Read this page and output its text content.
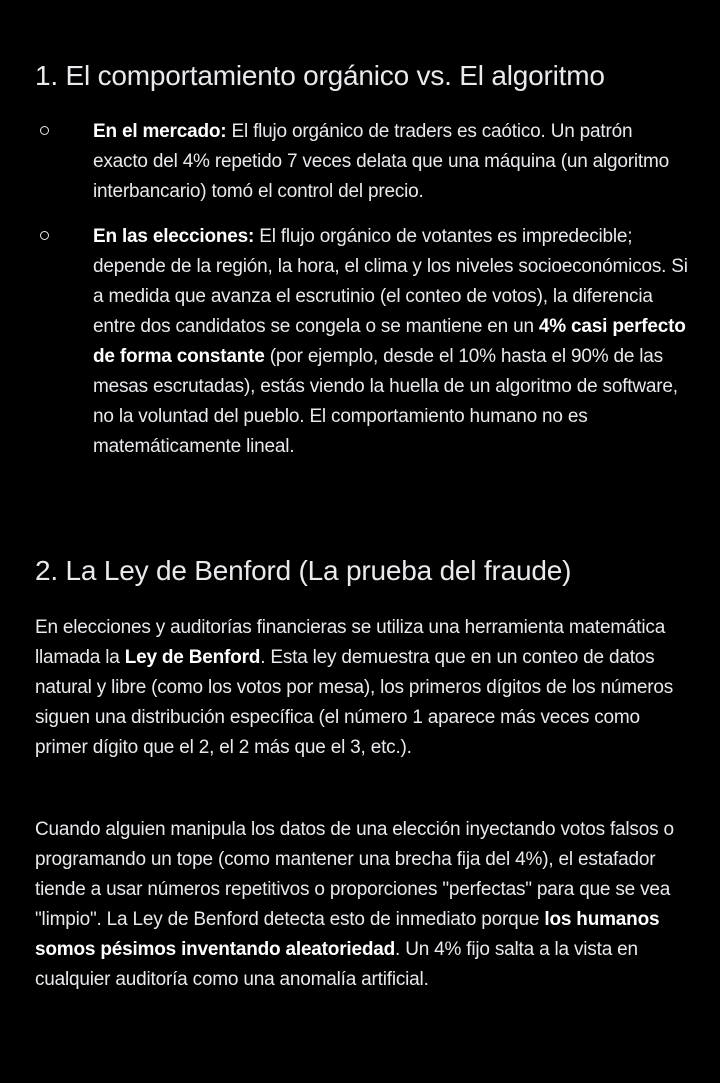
1. El comportamiento orgánico vs. El algoritmo
En el mercado: El flujo orgánico de traders es caótico. Un patrón exacto del 4% repetido 7 veces delata que una máquina (un algoritmo interbancario) tomó el control del precio.
En las elecciones: El flujo orgánico de votantes es impredecible; depende de la región, la hora, el clima y los niveles socioeconómicos. Si a medida que avanza el escrutinio (el conteo de votos), la diferencia entre dos candidatos se congela o se mantiene en un 4% casi perfecto de forma constante (por ejemplo, desde el 10% hasta el 90% de las mesas escrutadas), estás viendo la huella de un algoritmo de software, no la voluntad del pueblo. El comportamiento humano no es matemáticamente lineal.
2. La Ley de Benford (La prueba del fraude)

En elecciones y auditorías financieras se utiliza una herramienta matemática llamada la Ley de Benford. Esta ley demuestra que en un conteo de datos natural y libre (como los votos por mesa), los primeros dígitos de los números siguen una distribución específica (el número 1 aparece más veces como primer dígito que el 2, el 2 más que el 3, etc.).

Cuando alguien manipula los datos de una elección inyectando votos falsos o programando un tope (como mantener una brecha fija del 4%), el estafador tiende a usar números repetitivos o proporciones "perfectas" para que se vea "limpio". La Ley de Benford detecta esto de inmediato porque los humanos somos pésimos inventando aleatoriedad. Un 4% fijo salta a la vista en cualquier auditoría como una anomalía artificial.
